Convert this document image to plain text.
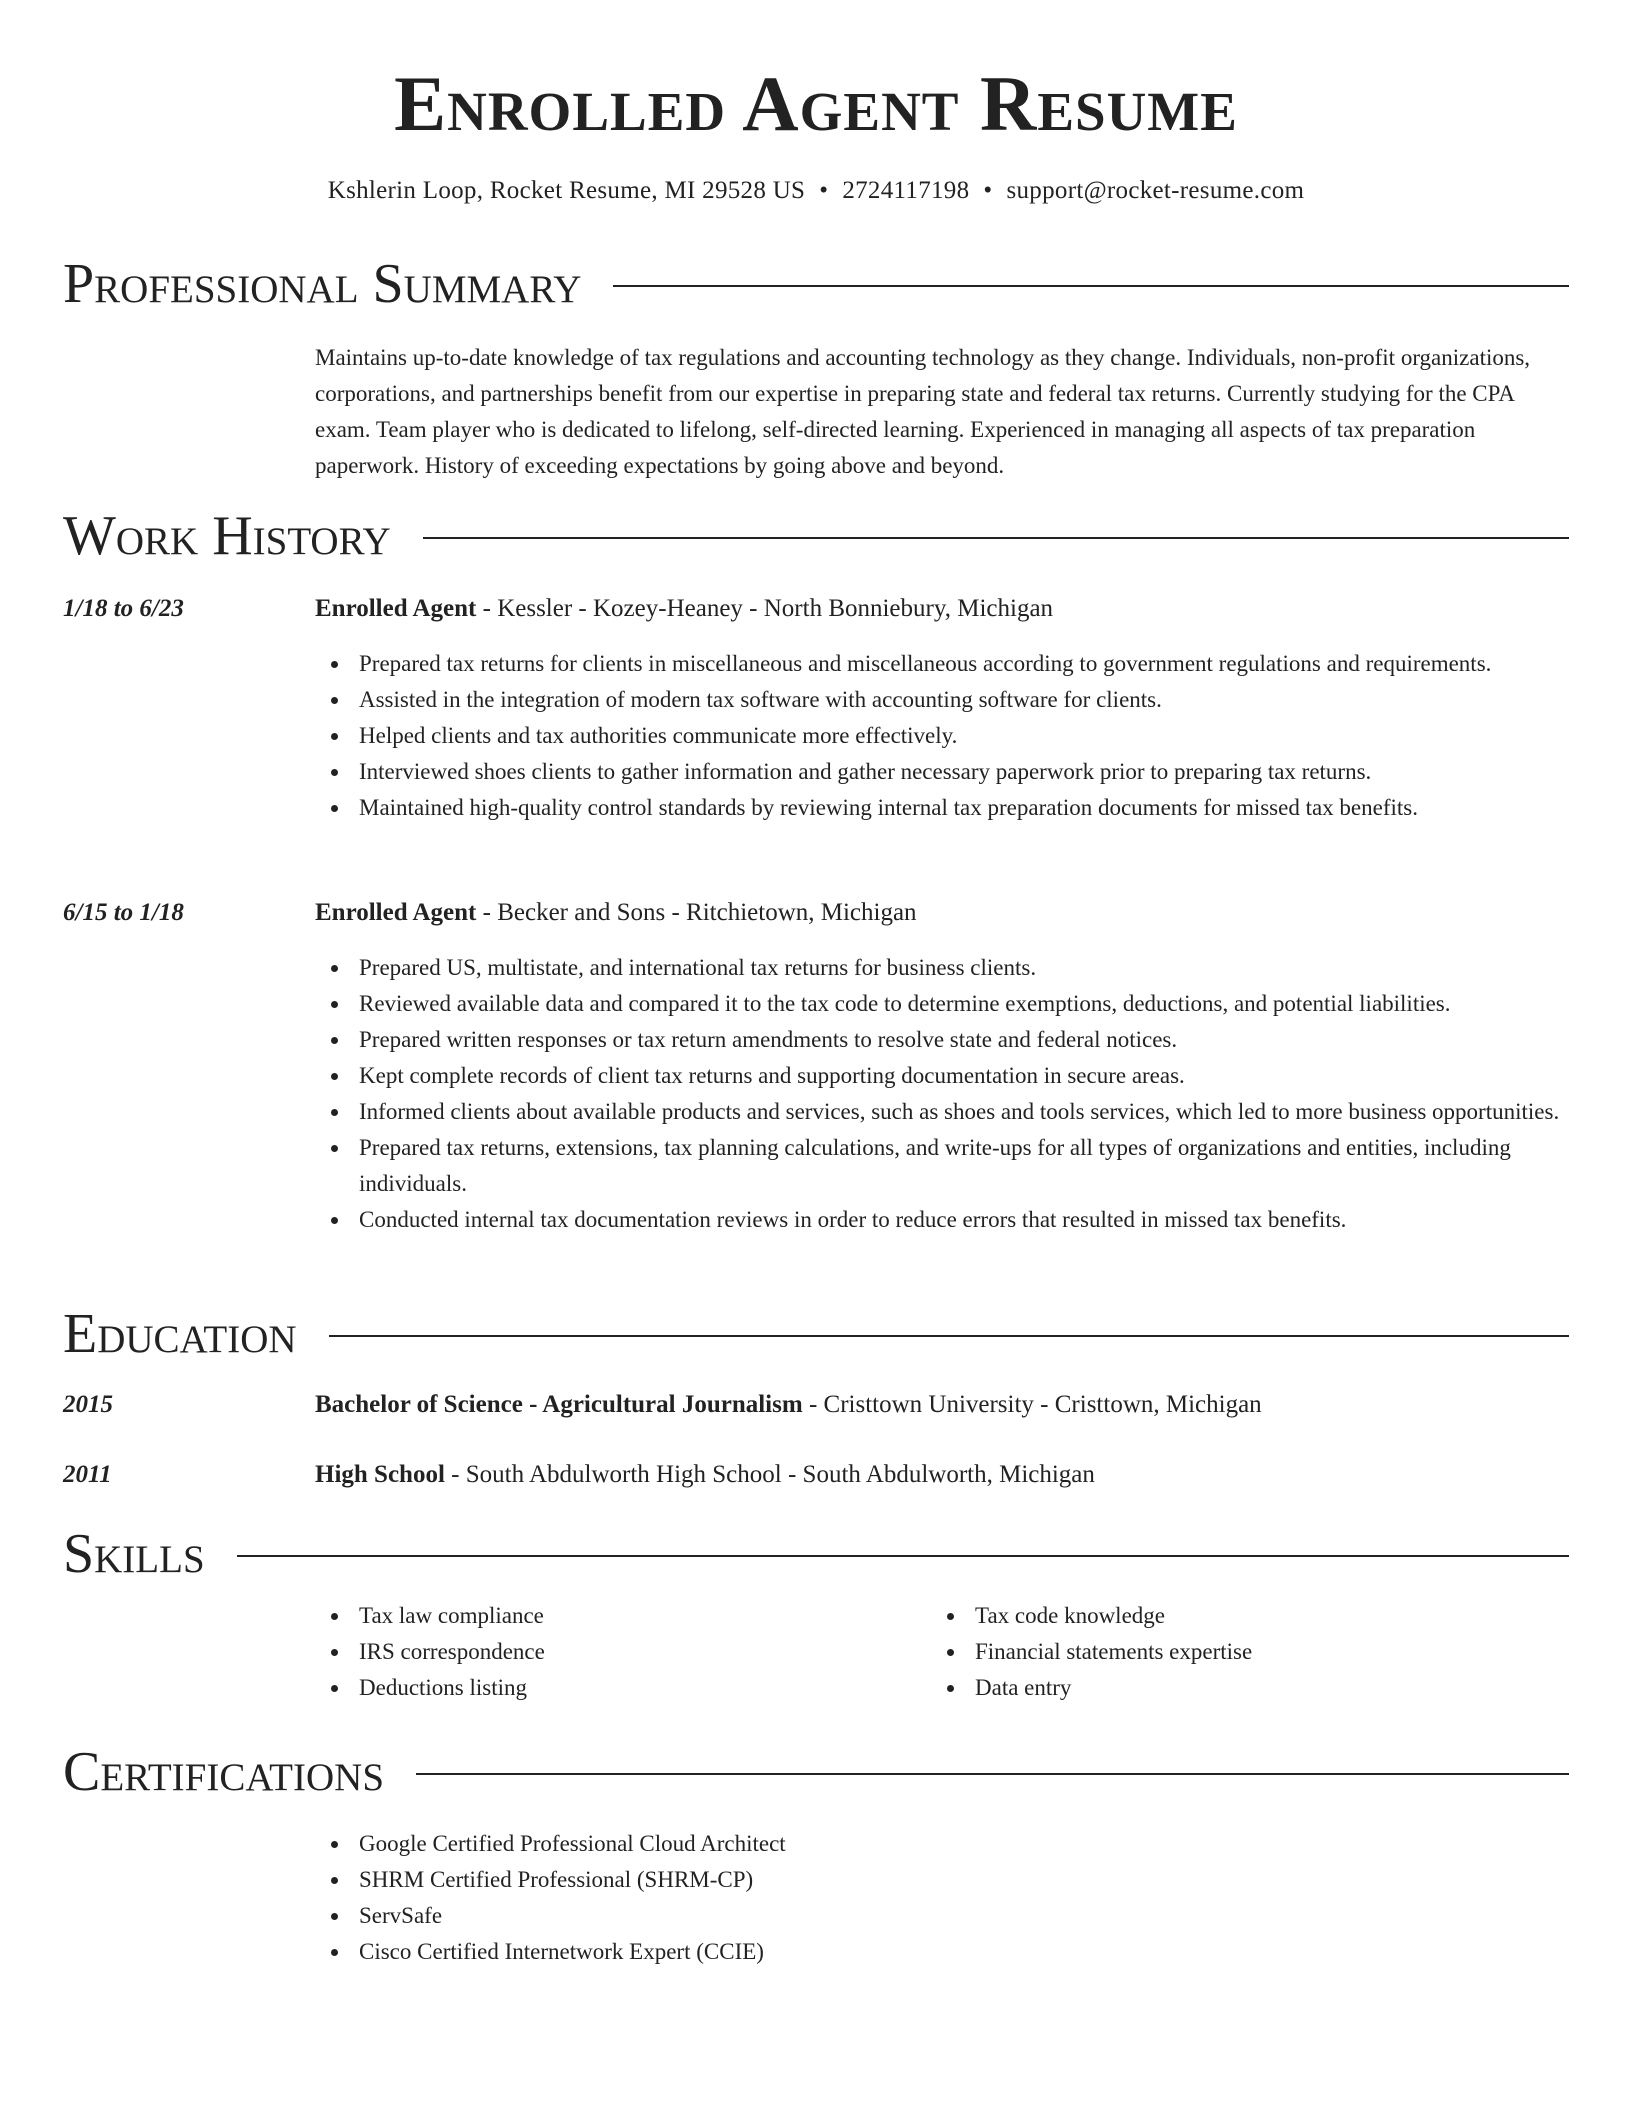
Enrolled Agent Resume
Kshlerin Loop, Rocket Resume, MI 29528 US • 2724117198 • support@rocket-resume.com
Professional Summary

Maintains up-to-date knowledge of tax regulations and accounting technology as they change. Individuals, non-profit organizations, corporations, and partnerships benefit from our expertise in preparing state and federal tax returns. Currently studying for the CPA exam. Team player who is dedicated to lifelong, self-directed learning. Experienced in managing all aspects of tax preparation paperwork. History of exceeding expectations by going above and beyond.

Work History
1/18 to 6/23	Enrolled Agent - Kessler - Kozey-Heaney - North Bonniebury, Michigan
Prepared tax returns for clients in miscellaneous and miscellaneous according to government regulations and requirements.
Assisted in the integration of modern tax software with accounting software for clients.
Helped clients and tax authorities communicate more effectively.
Interviewed shoes clients to gather information and gather necessary paperwork prior to preparing tax returns.
Maintained high-quality control standards by reviewing internal tax preparation documents for missed tax benefits.
6/15 to 1/18	Enrolled Agent - Becker and Sons - Ritchietown, Michigan
Prepared US, multistate, and international tax returns for business clients.
Reviewed available data and compared it to the tax code to determine exemptions, deductions, and potential liabilities.
Prepared written responses or tax return amendments to resolve state and federal notices.
Kept complete records of client tax returns and supporting documentation in secure areas.
Informed clients about available products and services, such as shoes and tools services, which led to more business opportunities.
Prepared tax returns, extensions, tax planning calculations, and write-ups for all types of organizations and entities, including individuals.
Conducted internal tax documentation reviews in order to reduce errors that resulted in missed tax benefits.
Education
2015	Bachelor of Science - Agricultural Journalism - Cristtown University - Cristtown, Michigan
2011	High School - South Abdulworth High School - South Abdulworth, Michigan
Skills
Tax law compliance
IRS correspondence
Deductions listing
Tax code knowledge
Financial statements expertise
Data entry
Certifications
Google Certified Professional Cloud Architect
SHRM Certified Professional (SHRM-CP)
ServSafe
Cisco Certified Internetwork Expert (CCIE)
